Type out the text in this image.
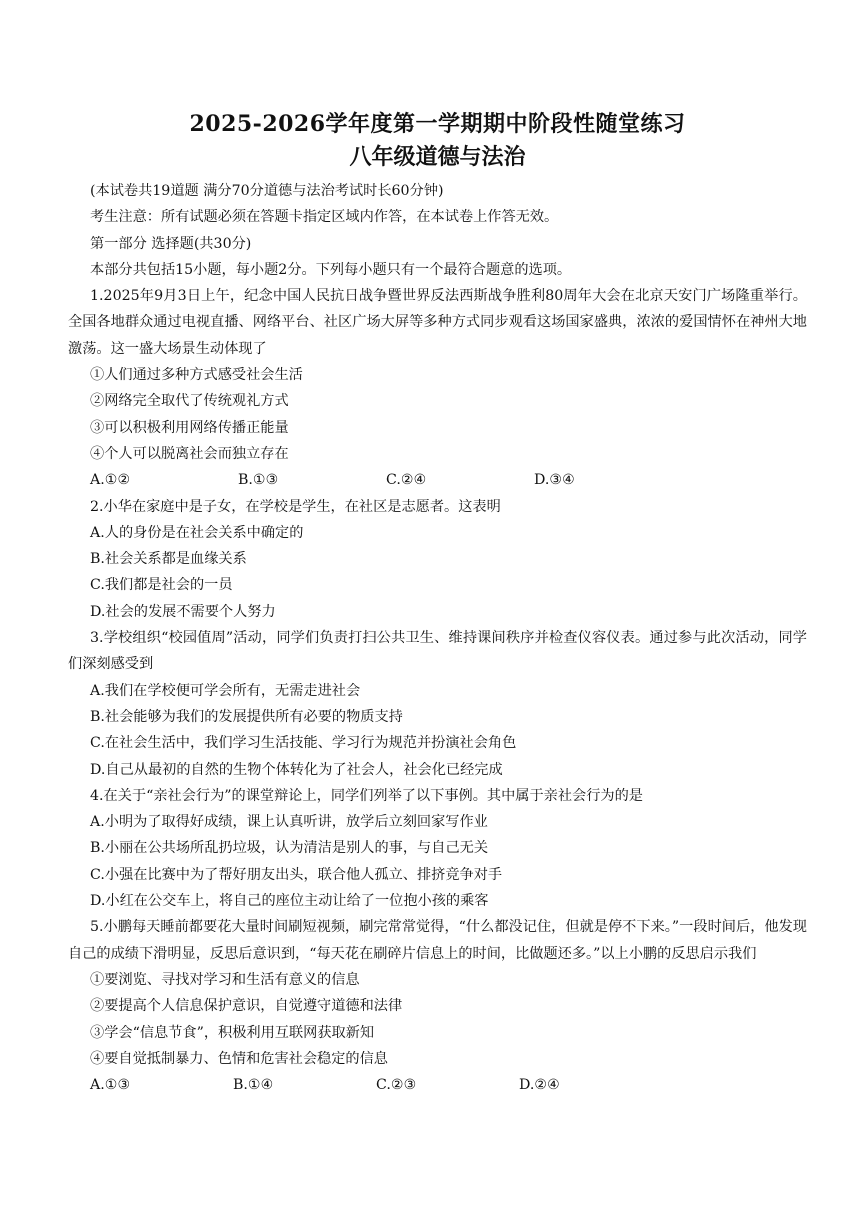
2025-2026学年度第一学期期中阶段性随堂练习
八年级道德与法治

(本试卷共19道题 满分70分道德与法治考试时长60分钟)

考生注意：所有试题必须在答题卡指定区域内作答，在本试卷上作答无效。

第一部分 选择题(共30分)

本部分共包括15小题，每小题2分。下列每小题只有一个最符合题意的选项。

1.2025年9月3日上午，纪念中国人民抗日战争暨世界反法西斯战争胜利80周年大会在北京天安门广场隆重举行。全国各地群众通过电视直播、网络平台、社区广场大屏等多种方式同步观看这场国家盛典，浓浓的爱国情怀在神州大地激荡。这一盛大场景生动体现了

①人们通过多种方式感受社会生活

②网络完全取代了传统观礼方式

③可以积极利用网络传播正能量

④个人可以脱离社会而独立存在

A.①②	B.①③	C.②④	D.③④

2.小华在家庭中是子女，在学校是学生，在社区是志愿者。这表明

A.人的身份是在社会关系中确定的

B.社会关系都是血缘关系

C.我们都是社会的一员

D.社会的发展不需要个人努力

3.学校组织“校园值周”活动，同学们负责打扫公共卫生、维持课间秩序并检查仪容仪表。通过参与此次活动，同学们深刻感受到

A.我们在学校便可学会所有，无需走进社会

B.社会能够为我们的发展提供所有必要的物质支持

C.在社会生活中，我们学习生活技能、学习行为规范并扮演社会角色

D.自己从最初的自然的生物个体转化为了社会人，社会化已经完成

4.在关于“亲社会行为”的课堂辩论上，同学们列举了以下事例。其中属于亲社会行为的是

A.小明为了取得好成绩，课上认真听讲，放学后立刻回家写作业

B.小丽在公共场所乱扔垃圾，认为清洁是别人的事，与自己无关

C.小强在比赛中为了帮好朋友出头，联合他人孤立、排挤竞争对手

D.小红在公交车上，将自己的座位主动让给了一位抱小孩的乘客

5.小鹏每天睡前都要花大量时间刷短视频，刷完常常觉得，“什么都没记住，但就是停不下来。”一段时间后，他发现自己的成绩下滑明显，反思后意识到，“每天花在刷碎片信息上的时间，比做题还多。”以上小鹏的反思启示我们

①要浏览、寻找对学习和生活有意义的信息

②要提高个人信息保护意识，自觉遵守道德和法律

③学会“信息节食”，积极利用互联网获取新知

④要自觉抵制暴力、色情和危害社会稳定的信息

A.①③	B.①④	C.②③	D.②④
